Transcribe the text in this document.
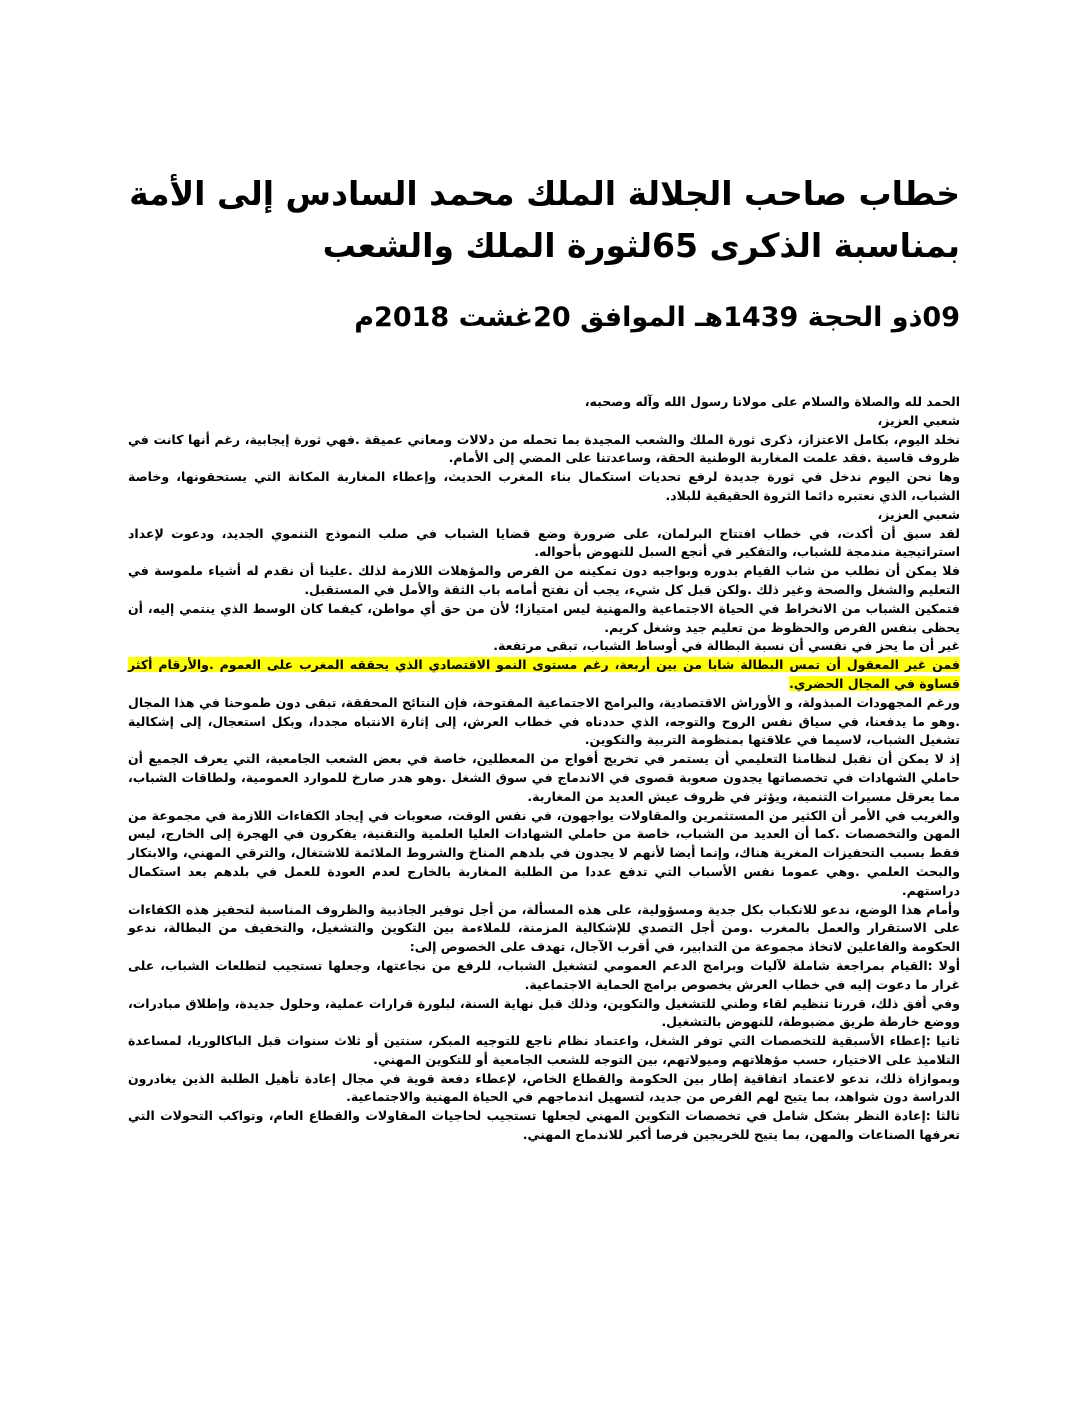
خطاب صاحب الجلالة الملك محمد السادس إلى الأمة بمناسبة الذكرى 65لثورة الملك والشعب
09ذو الحجة 1439هـ الموافق 20غشت 2018م

الحمد لله والصلاة والسلام على مولانا رسول الله وآله وصحبه،

شعبي العزيز،

نخلد اليوم، بكامل الاعتزاز، ذكرى ثورة الملك والشعب المجيدة بما تحمله من دلالات ومعاني عميقة .فهي ثورة إيجابية، رغم أنها كانت في ظروف قاسية .فقد علمت المغاربة الوطنية الحقة، وساعدتنا على المضي إلى الأمام.

وها نحن اليوم ندخل في ثورة جديدة لرفع تحديات استكمال بناء المغرب الحديث، وإعطاء المغاربة المكانة التي يستحقونها، وخاصة الشباب، الذي نعتبره دائما الثروة الحقيقية للبلاد.

شعبي العزيز،

لقد سبق أن أكدت، في خطاب افتتاح البرلمان، على ضرورة وضع قضايا الشباب في صلب النموذج التنموي الجديد، ودعوت لإعداد استراتيجية مندمجة للشباب، والتفكير في أنجع السبل للنهوض بأحواله.

فلا يمكن أن نطلب من شاب القيام بدوره وبواجبه دون تمكينه من الفرص والمؤهلات اللازمة لذلك .علينا أن نقدم له أشياء ملموسة في التعليم والشغل والصحة وغير ذلك .ولكن قبل كل شيء، يجب أن نفتح أمامه باب الثقة والأمل في المستقبل.

فتمكين الشباب من الانخراط في الحياة الاجتماعية والمهنية ليس امتيازا؛ لأن من حق أي مواطن، كيفما كان الوسط الذي ينتمي إليه، أن يحظى بنفس الفرص والحظوظ من تعليم جيد وشغل كريم.

غير أن ما يحز في نفسي أن نسبة البطالة في أوساط الشباب، تبقى مرتفعة.

فمن غير المعقول أن تمس البطالة شابا من بين أربعة، رغم مستوى النمو الاقتصادي الذي يحققه المغرب على العموم .والأرقام أكثر قساوة في المجال الحضري.

ورغم المجهودات المبذولة، و الأوراش الاقتصادية، والبرامج الاجتماعية المفتوحة، فإن النتائج المحققة، تبقى دون طموحنا في هذا المجال .وهو ما يدفعنا، في سياق نفس الروح والتوجه، الذي حددناه في خطاب العرش، إلى إثارة الانتباه مجددا، وبكل استعجال، إلى إشكالية تشغيل الشباب، لاسيما في علاقتها بمنظومة التربية والتكوين.

إذ لا يمكن أن نقبل لنظامنا التعليمي أن يستمر في تخريج أفواج من المعطلين، خاصة في بعض الشعب الجامعية، التي يعرف الجميع أن حاملي الشهادات في تخصصاتها يجدون صعوبة قصوى في الاندماج في سوق الشغل .وهو هدر صارخ للموارد العمومية، ولطاقات الشباب، مما يعرقل مسيرات التنمية، ويؤثر في ظروف عيش العديد من المغاربة.

والغريب في الأمر أن الكثير من المستثمرين والمقاولات يواجهون، في نفس الوقت، صعوبات في إيجاد الكفاءات اللازمة في مجموعة من المهن والتخصصات .كما أن العديد من الشباب، خاصة من حاملي الشهادات العليا العلمية والتقنية، يفكرون في الهجرة إلى الخارج، ليس فقط بسبب التحفيزات المغرية هناك، وإنما أيضا لأنهم لا يجدون في بلدهم المناخ والشروط الملائمة للاشتغال، والترقي المهني، والابتكار والبحث العلمي .وهي عموما نفس الأسباب التي تدفع عددا من الطلبة المغاربة بالخارج لعدم العودة للعمل في بلدهم بعد استكمال دراستهم.

وأمام هذا الوضع، ندعو للانكباب بكل جدية ومسؤولية، على هذه المسألة، من أجل توفير الجاذبية والظروف المناسبة لتحفيز هذه الكفاءات على الاستقرار والعمل بالمغرب .ومن أجل التصدي للإشكالية المزمنة، للملاءمة بين التكوين والتشغيل، والتخفيف من البطالة، ندعو الحكومة والفاعلين لاتخاذ مجموعة من التدابير، في أقرب الآجال، تهدف على الخصوص إلى:

أولا :القيام بمراجعة شاملة لآليات وبرامج الدعم العمومي لتشغيل الشباب، للرفع من نجاعتها، وجعلها تستجيب لتطلعات الشباب، على غرار ما دعوت إليه في خطاب العرش بخصوص برامج الحماية الاجتماعية.

وفي أفق ذلك، قررنا تنظيم لقاء وطني للتشغيل والتكوين، وذلك قبل نهاية السنة، لبلورة قرارات عملية، وحلول جديدة، وإطلاق مبادرات، ووضع خارطة طريق مضبوطة، للنهوض بالتشغيل.

ثانيا :إعطاء الأسبقية للتخصصات التي توفر الشغل، واعتماد نظام ناجع للتوجيه المبكر، سنتين أو ثلاث سنوات قبل الباكالوريا، لمساعدة التلاميذ على الاختيار، حسب مؤهلاتهم وميولاتهم، بين التوجه للشعب الجامعية أو للتكوين المهني.

وبموازاة ذلك، ندعو لاعتماد اتفاقية إطار بين الحكومة والقطاع الخاص، لإعطاء دفعة قوية في مجال إعادة تأهيل الطلبة الذين يغادرون الدراسة دون شواهد، بما يتيح لهم الفرص من جديد، لتسهيل اندماجهم في الحياة المهنية والاجتماعية.

ثالثا :إعادة النظر بشكل شامل في تخصصات التكوين المهني لجعلها تستجيب لحاجيات المقاولات والقطاع العام، وتواكب التحولات التي تعرفها الصناعات والمهن، بما يتيح للخريجين فرصا أكبر للاندماج المهني.
